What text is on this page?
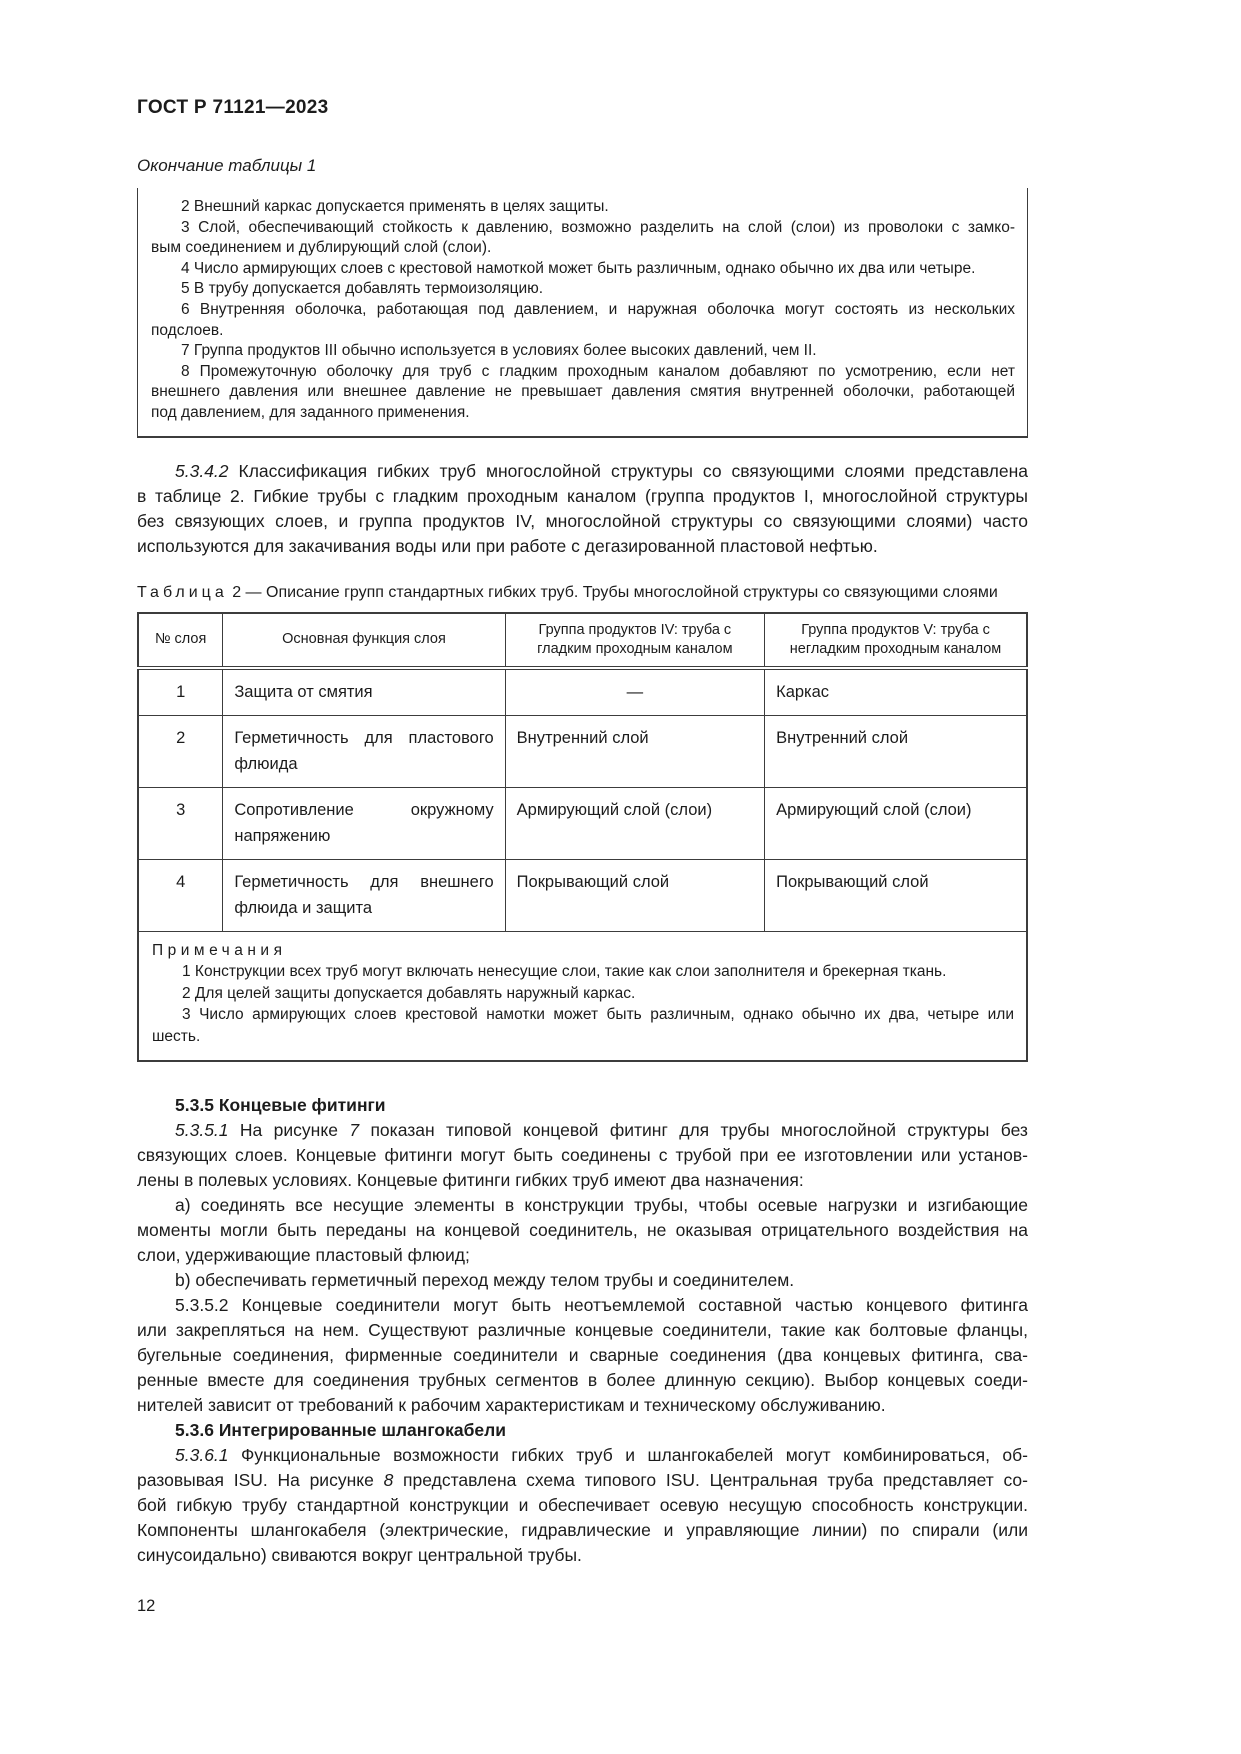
ГОСТ Р 71121—2023
Окончание таблицы 1
2 Внешний каркас допускается применять в целях защиты.
3 Слой, обеспечивающий стойкость к давлению, возможно разделить на слой (слои) из проволоки с замко-
вым соединением и дублирующий слой (слои).
4 Число армирующих слоев с крестовой намоткой может быть различным, однако обычно их два или четыре.
5 В трубу допускается добавлять термоизоляцию.
6 Внутренняя оболочка, работающая под давлением, и наружная оболочка могут состоять из нескольких
подслоев.
7 Группа продуктов III обычно используется в условиях более высоких давлений, чем II.
8 Промежуточную оболочку для труб с гладким проходным каналом добавляют по усмотрению, если нет
внешнего давления или внешнее давление не превышает давления смятия внутренней оболочки, работающей
под давлением, для заданного применения.
5.3.4.2 Классификация гибких труб многослойной структуры со связующими слоями представлена
в таблице 2. Гибкие трубы с гладким проходным каналом (группа продуктов I, многослойной структуры
без связующих слоев, и группа продуктов IV, многослойной структуры со связующими слоями) часто
используются для закачивания воды или при работе с дегазированной пластовой нефтью.
Таблица 2 — Описание групп стандартных гибких труб. Трубы многослойной структуры со связующими слоями
№ слоя	Основная функция слоя	Группа продуктов IV: труба с гладким проходным каналом	Группа продуктов V: труба с негладким проходным каналом
1	Защита от смятия	—	Каркас
2	Герметичность для пластового флюида	Внутренний слой	Внутренний слой
3	Сопротивление окружному напряжению	Армирующий слой (слои)	Армирующий слой (слои)
4	Герметичность для внешнего флюида и защита	Покрывающий слой	Покрывающий слой

Примечания
1 Конструкции всех труб могут включать ненесущие слои, такие как слои заполнителя и брекерная ткань.
2 Для целей защиты допускается добавлять наружный каркас.
3 Число армирующих слоев крестовой намотки может быть различным, однако обычно их два, четыре или
шесть.			
5.3.5 Концевые фитинги
5.3.5.1 На рисунке 7 показан типовой концевой фитинг для трубы многослойной структуры без
связующих слоев. Концевые фитинги могут быть соединены с трубой при ее изготовлении или установ-
лены в полевых условиях. Концевые фитинги гибких труб имеют два назначения:
a) соединять все несущие элементы в конструкции трубы, чтобы осевые нагрузки и изгибающие
моменты могли быть переданы на концевой соединитель, не оказывая отрицательного воздействия на
слои, удерживающие пластовый флюид;
b) обеспечивать герметичный переход между телом трубы и соединителем.
5.3.5.2 Концевые соединители могут быть неотъемлемой составной частью концевого фитинга
или закрепляться на нем. Существуют различные концевые соединители, такие как болтовые фланцы,
бугельные соединения, фирменные соединители и сварные соединения (два концевых фитинга, сва-
ренные вместе для соединения трубных сегментов в более длинную секцию). Выбор концевых соеди-
нителей зависит от требований к рабочим характеристикам и техническому обслуживанию.
5.3.6 Интегрированные шлангокабели
5.3.6.1 Функциональные возможности гибких труб и шлангокабелей могут комбинироваться, об-
разовывая ISU. На рисунке 8 представлена схема типового ISU. Центральная труба представляет со-
бой гибкую трубу стандартной конструкции и обеспечивает осевую несущую способность конструкции.
Компоненты шлангокабеля (электрические, гидравлические и управляющие линии) по спирали (или
синусоидально) свиваются вокруг центральной трубы.
12
